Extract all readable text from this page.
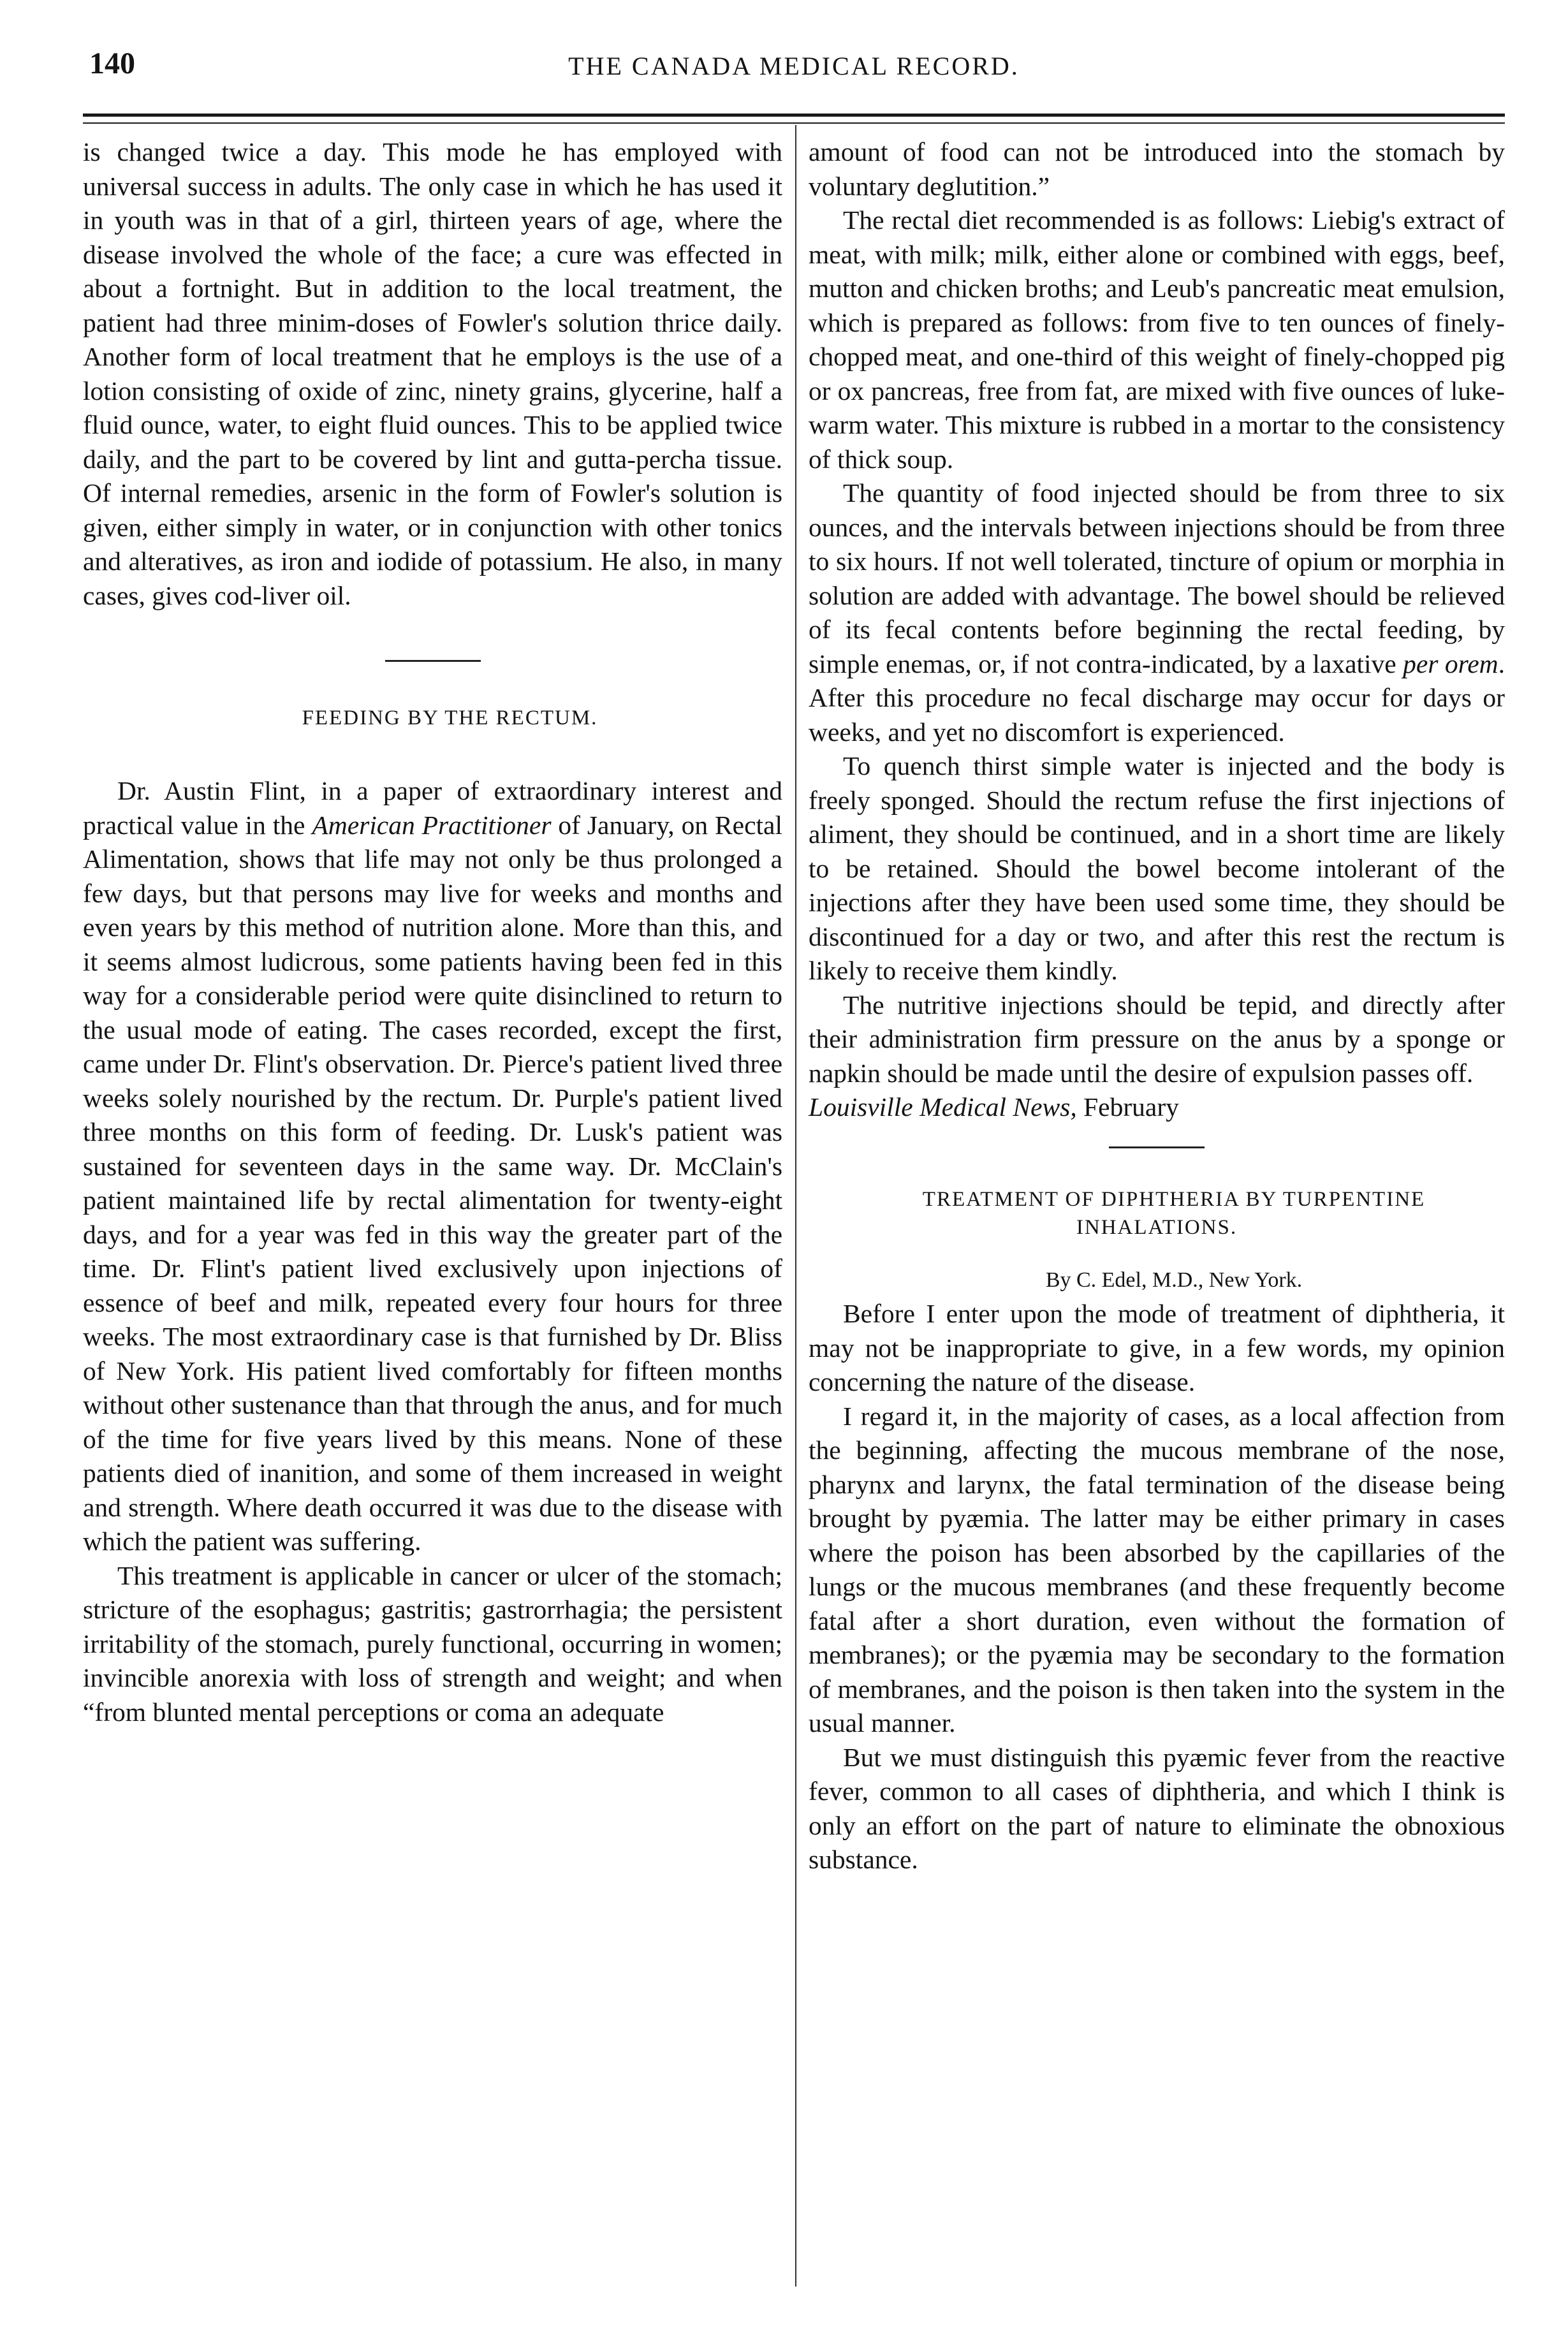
140	THE CANADA MEDICAL RECORD.

is changed twice a day. This mode he has employed with universal success in adults. The only case in which he has used it in youth was in that of a girl, thirteen years of age, where the disease involved the whole of the face; a cure was effected in about a fortnight. But in addition to the local treatment, the patient had three minim-doses of Fowler's solution thrice daily. Another form of local treatment that he employs is the use of a lotion consisting of oxide of zinc, ninety grains, glycerine, half a fluid ounce, water, to eight fluid ounces. This to be applied twice daily, and the part to be covered by lint and gutta-percha tissue. Of internal remedies, arsenic in the form of Fowler's solution is given, either simply in water, or in conjunction with other tonics and alteratives, as iron and iodide of potassium. He also, in many cases, gives cod-liver oil.

FEEDING BY THE RECTUM.

Dr. Austin Flint, in a paper of extraordinary interest and practical value in the American Practitioner of January, on Rectal Alimentation, shows that life may not only be thus prolonged a few days, but that persons may live for weeks and months and even years by this method of nutrition alone. More than this, and it seems almost ludicrous, some patients having been fed in this way for a considerable period were quite disinclined to return to the usual mode of eating. The cases recorded, except the first, came under Dr. Flint's observation. Dr. Pierce's patient lived three weeks solely nourished by the rectum. Dr. Purple's patient lived three months on this form of feeding. Dr. Lusk's patient was sustained for seventeen days in the same way. Dr. McClain's patient maintained life by rectal alimentation for twenty-eight days, and for a year was fed in this way the greater part of the time. Dr. Flint's patient lived exclusively upon injections of essence of beef and milk, repeated every four hours for three weeks. The most extraordinary case is that furnished by Dr. Bliss of New York. His patient lived comfortably for fifteen months without other sustenance than that through the anus, and for much of the time for five years lived by this means. None of these patients died of inanition, and some of them increased in weight and strength. Where death occurred it was due to the disease with which the patient was suffering.

This treatment is applicable in cancer or ulcer of the stomach; stricture of the esophagus; gastritis; gastrorrhagia; the persistent irritability of the stomach, purely functional, occurring in women; invincible anorexia with loss of strength and weight; and when “from blunted mental perceptions or coma an adequate

amount of food can not be introduced into the stomach by voluntary deglutition.”

The rectal diet recommended is as follows: Liebig's extract of meat, with milk; milk, either alone or combined with eggs, beef, mutton and chicken broths; and Leub's pancreatic meat emulsion, which is prepared as follows: from five to ten ounces of finely-chopped meat, and one-third of this weight of finely-chopped pig or ox pancreas, free from fat, are mixed with five ounces of luke-warm water. This mixture is rubbed in a mortar to the consistency of thick soup.

The quantity of food injected should be from three to six ounces, and the intervals between injections should be from three to six hours. If not well tolerated, tincture of opium or morphia in solution are added with advantage. The bowel should be relieved of its fecal contents before beginning the rectal feeding, by simple enemas, or, if not contra-indicated, by a laxative per orem. After this procedure no fecal discharge may occur for days or weeks, and yet no discomfort is experienced.

To quench thirst simple water is injected and the body is freely sponged. Should the rectum refuse the first injections of aliment, they should be continued, and in a short time are likely to be retained. Should the bowel become intolerant of the injections after they have been used some time, they should be discontinued for a day or two, and after this rest the rectum is likely to receive them kindly.

The nutritive injections should be tepid, and directly after their administration firm pressure on the anus by a sponge or napkin should be made until the desire of expulsion passes off.

Louisville Medical News, February

TREATMENT OF DIPHTHERIA BY TURPENTINE
INHALATIONS.

By C. Edel, M.D., New York.

Before I enter upon the mode of treatment of diphtheria, it may not be inappropriate to give, in a few words, my opinion concerning the nature of the disease.

I regard it, in the majority of cases, as a local affection from the beginning, affecting the mucous membrane of the nose, pharynx and larynx, the fatal termination of the disease being brought by pyæmia. The latter may be either primary in cases where the poison has been absorbed by the capillaries of the lungs or the mucous membranes (and these frequently become fatal after a short duration, even without the formation of membranes); or the pyæmia may be secondary to the formation of membranes, and the poison is then taken into the system in the usual manner.

But we must distinguish this pyæmic fever from the reactive fever, common to all cases of diphtheria, and which I think is only an effort on the part of nature to eliminate the obnoxious substance.
